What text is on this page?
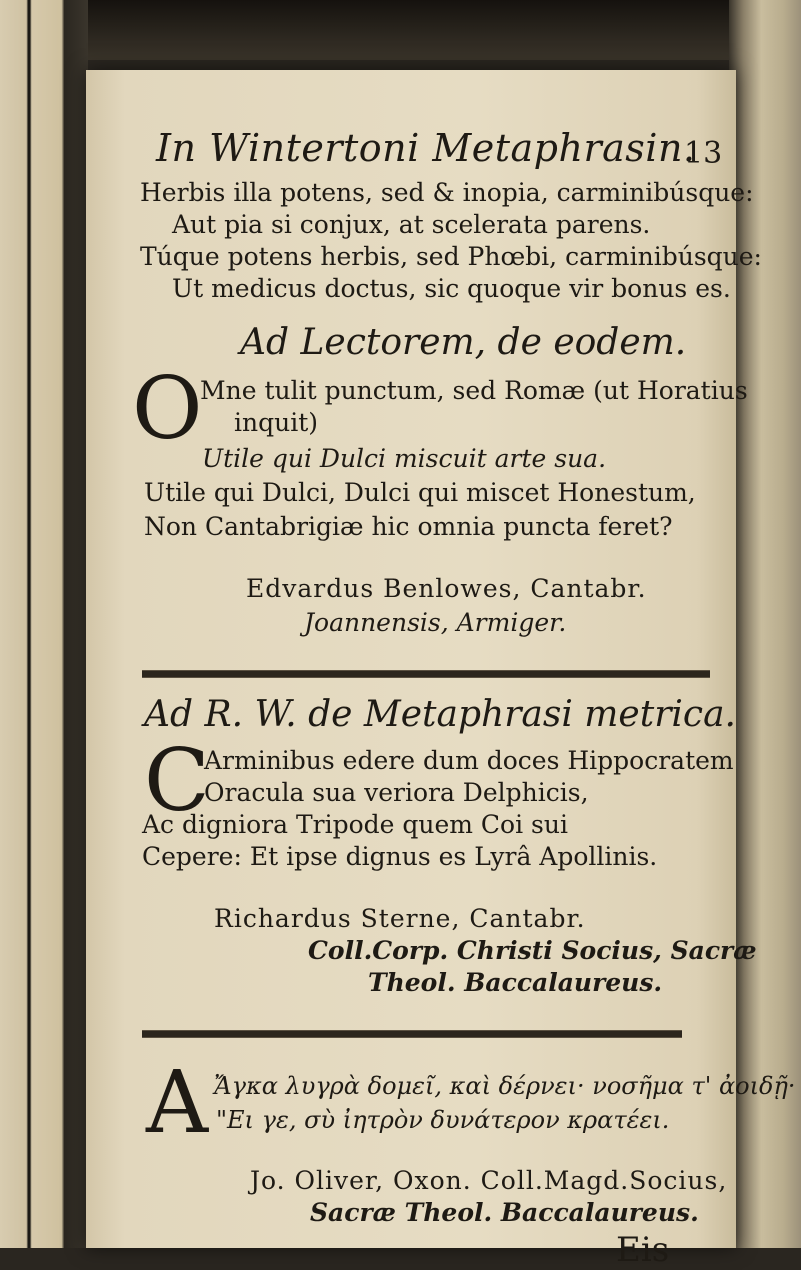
In Wintertoni Metaphrasin.
13
Herbis illa potens, sed & inopia, carminibúsque:
Aut pia si conjux, at scelerata parens.
Túque potens herbis, sed Phœbi, carminibúsque:
Ut medicus doctus, sic quoque vir bonus es.
Ad Lectorem, de eodem.
O
Mne tulit punctum, sed Romæ (ut Horatius
inquit)
Utile qui Dulci miscuit arte sua.
Utile qui Dulci, Dulci qui miscet Honestum,
Non Cantabrigiæ hic omnia puncta feret?
Edvardus Benlowes, Cantabr.
Joannensis, Armiger.
Ad R. W. de Metaphrasi metrica.
C
Arminibus edere dum doces Hippocratem
Oracula sua veriora Delphicis,
Ac digniora Tripode quem Coi sui
Cepere: Et ipse dignus es Lyrâ Apollinis.
Richardus Sterne, Cantabr.
Coll.Corp. Christi Socius, Sacræ
Theol. Baccalaureus.
A Ἄγκα λυγρὰ δομεῖ, καὶ δέρνει· νοσῆμα τ' ἀοιδῇ·
"Ει γε, σὺ ἰητρὸν δυνάτερον κρατέει.
Jo. Oliver, Oxon. Coll.Magd.Socius,
Sacræ Theol. Baccalaureus.
Eis
